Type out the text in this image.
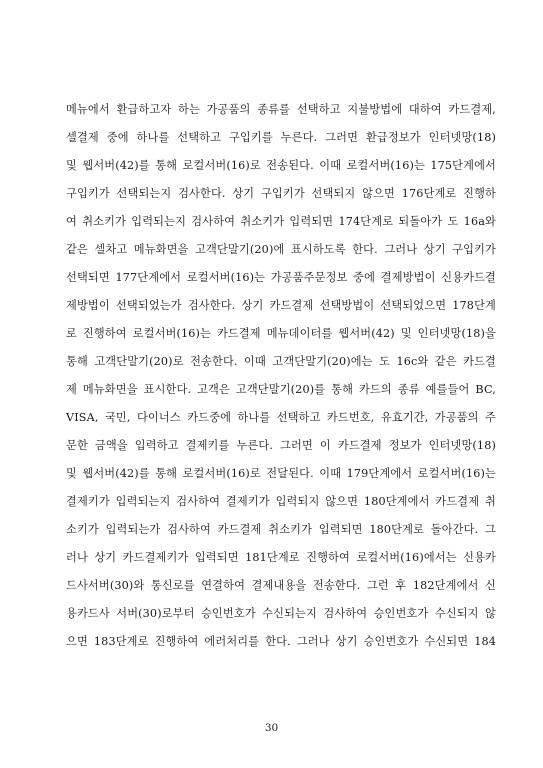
메뉴에서 환급하고자 하는 가공품의 종류를 선택하고 지불방법에 대하여 카드결제,
셀결제 중에 하나를 선택하고 구입키를 누른다. 그러면 환급정보가 인터넷망(18)
및 웹서버(42)를 통해 로컬서버(16)로 전송된다. 이때 로컬서버(16)는 175단계에서
구입키가 선택되는지 검사한다. 상기 구입키가 선택되지 않으면 176단계로 진행하
여 취소키가 입력되는지 검사하여 취소키가 입력되면 174단계로 되돌아가 도 16a와
같은 셀차고 메뉴화면을 고객단말기(20)에 표시하도록 한다. 그러나 상기 구입키가
선택되면 177단계에서 로컬서버(16)는 가공품주문정보 중에 결제방법이 신용카드결
제방법이 선택되었는가 검사한다. 상기 카드결제 선택방법이 선택되었으면 178단계
로 진행하여 로컬서버(16)는 카드결제 메뉴데이터를 웹서버(42) 및 인터넷망(18)을
통해 고객단말기(20)로 전송한다. 이때 고객단말기(20)에는 도 16c와 같은 카드결
제 메뉴화면을 표시한다. 고객은 고객단말기(20)를 통해 카드의 종류 예를들어 BC,
VISA, 국민, 다이너스 카드중에 하나를 선택하고 카드번호, 유효기간, 가공품의 주
문한 금액을 입력하고 결제키를 누른다. 그러면 이 카드결제 정보가 인터넷망(18)
및 웹서버(42)를 통해 로컬서버(16)로 전달된다. 이때 179단계에서 로컬서버(16)는
결제키가 입력되는지 검사하여 결제키가 입력되지 않으면 180단계에서 카드결제 취
소키가 입력되는가 검사하여 카드결제 취소키가 입력되면 180단계로 돌아간다. 그
러나 상기 카드결제키가 입력되면 181단계로 진행하여 로컬서버(16)에서는 신용카
드사서버(30)와 통신로를 연결하여 결제내용을 전송한다. 그런 후 182단계에서 신
용카드사 서버(30)로부터 승인번호가 수신되는지 검사하여 승인번호가 수신되지 않
으면 183단계로 진행하여 에러처리를 한다. 그러나 상기 승인번호가 수신되면 184
30
